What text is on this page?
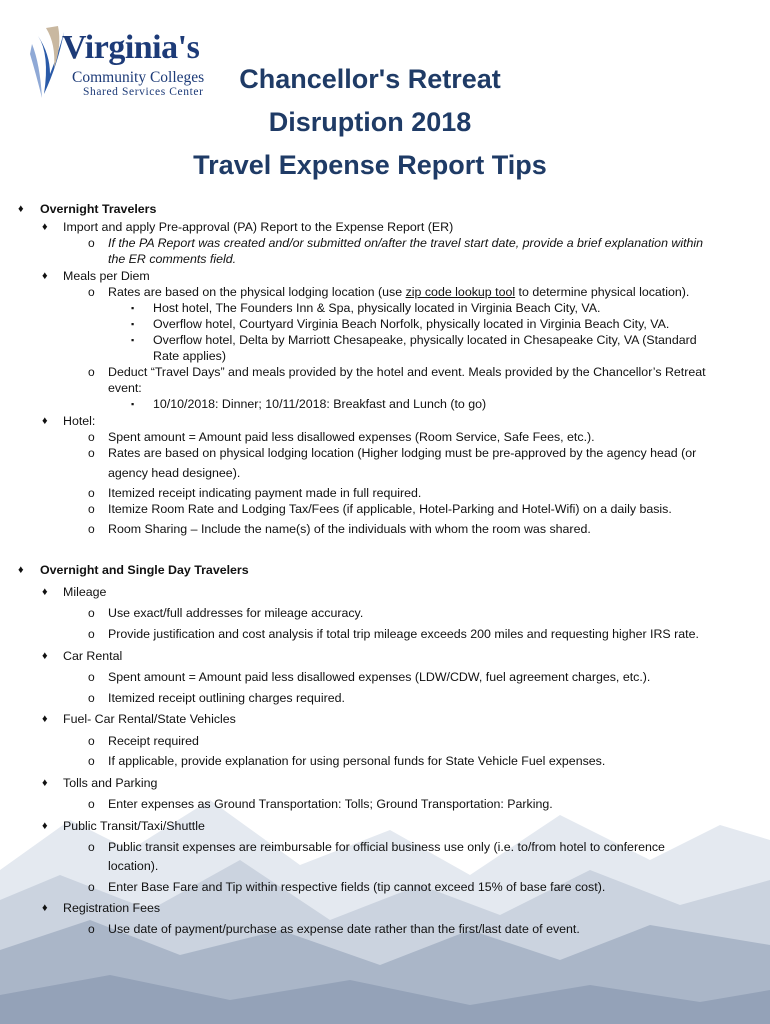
Virginia's
Community Colleges
Shared Services Center	Chancellor's Retreat
Disruption 2018
Travel Expense Report Tips
♦ Overnight Travelers
♦ Import and apply Pre-approval (PA) Report to the Expense Report (ER)
o If the PA Report was created and/or submitted on/after the travel start date, provide a brief explanation within
the ER comments field.
♦ Meals per Diem
o Rates are based on the physical lodging location (use zip code lookup tool to determine physical location).
▪ Host hotel, The Founders Inn & Spa, physically located in Virginia Beach City, VA.
▪ Overflow hotel, Courtyard Virginia Beach Norfolk, physically located in Virginia Beach City, VA.
▪ Overflow hotel, Delta by Marriott Chesapeake, physically located in Chesapeake City, VA (Standard
Rate applies)
o Deduct “Travel Days” and meals provided by the hotel and event. Meals provided by the Chancellor’s Retreat
event:
▪ 10/10/2018: Dinner; 10/11/2018: Breakfast and Lunch (to go)
♦ Hotel:
o Spent amount = Amount paid less disallowed expenses (Room Service, Safe Fees, etc.).
o Rates are based on physical lodging location (Higher lodging must be pre-approved by the agency head (or
agency head designee).
o Itemized receipt indicating payment made in full required.
o Itemize Room Rate and Lodging Tax/Fees (if applicable, Hotel-Parking and Hotel-Wifi) on a daily basis.
o Room Sharing – Include the name(s) of the individuals with whom the room was shared.
♦ Overnight and Single Day Travelers
♦ Mileage
o Use exact/full addresses for mileage accuracy.
o Provide justification and cost analysis if total trip mileage exceeds 200 miles and requesting higher IRS rate.
♦ Car Rental
o Spent amount = Amount paid less disallowed expenses (LDW/CDW, fuel agreement charges, etc.).
o Itemized receipt outlining charges required.
♦ Fuel- Car Rental/State Vehicles
o Receipt required
o If applicable, provide explanation for using personal funds for State Vehicle Fuel expenses.
♦ Tolls and Parking
o Enter expenses as Ground Transportation: Tolls; Ground Transportation: Parking.
♦ Public Transit/Taxi/Shuttle
o Public transit expenses are reimbursable for official business use only (i.e. to/from hotel to conference
location).
o Enter Base Fare and Tip within respective fields (tip cannot exceed 15% of base fare cost).
♦ Registration Fees
o Use date of payment/purchase as expense date rather than the first/last date of event.
